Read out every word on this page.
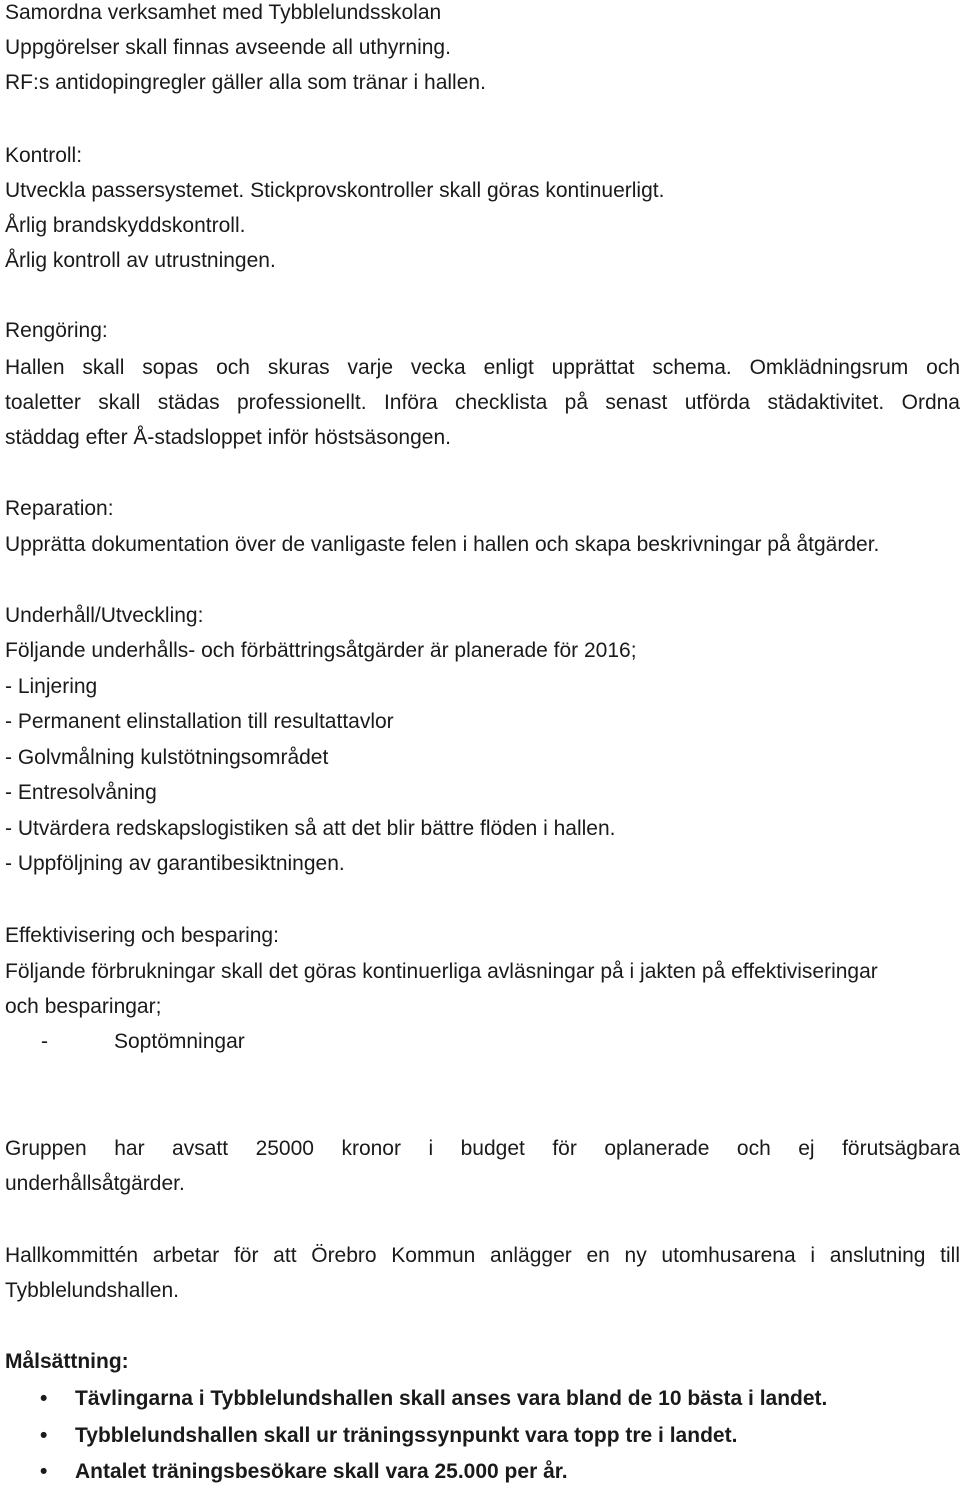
Samordna verksamhet med Tybblelundsskolan
Uppgörelser skall finnas avseende all uthyrning.
RF:s antidopingregler gäller alla som tränar i hallen.
Kontroll:
Utveckla passersystemet. Stickprovskontroller skall göras kontinuerligt.
Årlig brandskyddskontroll.
Årlig kontroll av utrustningen.
Rengöring:
Hallen skall sopas och skuras varje vecka enligt upprättat schema. Omklädningsrum och
toaletter skall städas professionellt. Införa checklista på senast utförda städaktivitet. Ordna
städdag efter Å-stadsloppet inför höstsäsongen.
Reparation:
Upprätta dokumentation över de vanligaste felen i hallen och skapa beskrivningar på åtgärder.
Underhåll/Utveckling:
Följande underhålls- och förbättringsåtgärder är planerade för 2016;
- Linjering
- Permanent elinstallation till resultattavlor
- Golvmålning kulstötningsområdet
- Entresolvåning
- Utvärdera redskapslogistiken så att det blir bättre flöden i hallen.
- Uppföljning av garantibesiktningen.
Effektivisering och besparing:
Följande förbrukningar skall det göras kontinuerliga avläsningar på i jakten på effektiviseringar
och besparingar;
-	Soptömningar
Gruppen har avsatt 25000 kronor i budget för oplanerade och ej förutsägbara
underhållsåtgärder.
Hallkommittén arbetar för att Örebro Kommun anlägger en ny utomhusarena i anslutning till
Tybblelundshallen.
Målsättning:
• Tävlingarna i Tybblelundshallen skall anses vara bland de 10 bästa i landet.
• Tybblelundshallen skall ur träningssynpunkt vara topp tre i landet.
• Antalet träningsbesökare skall vara 25.000 per år.
